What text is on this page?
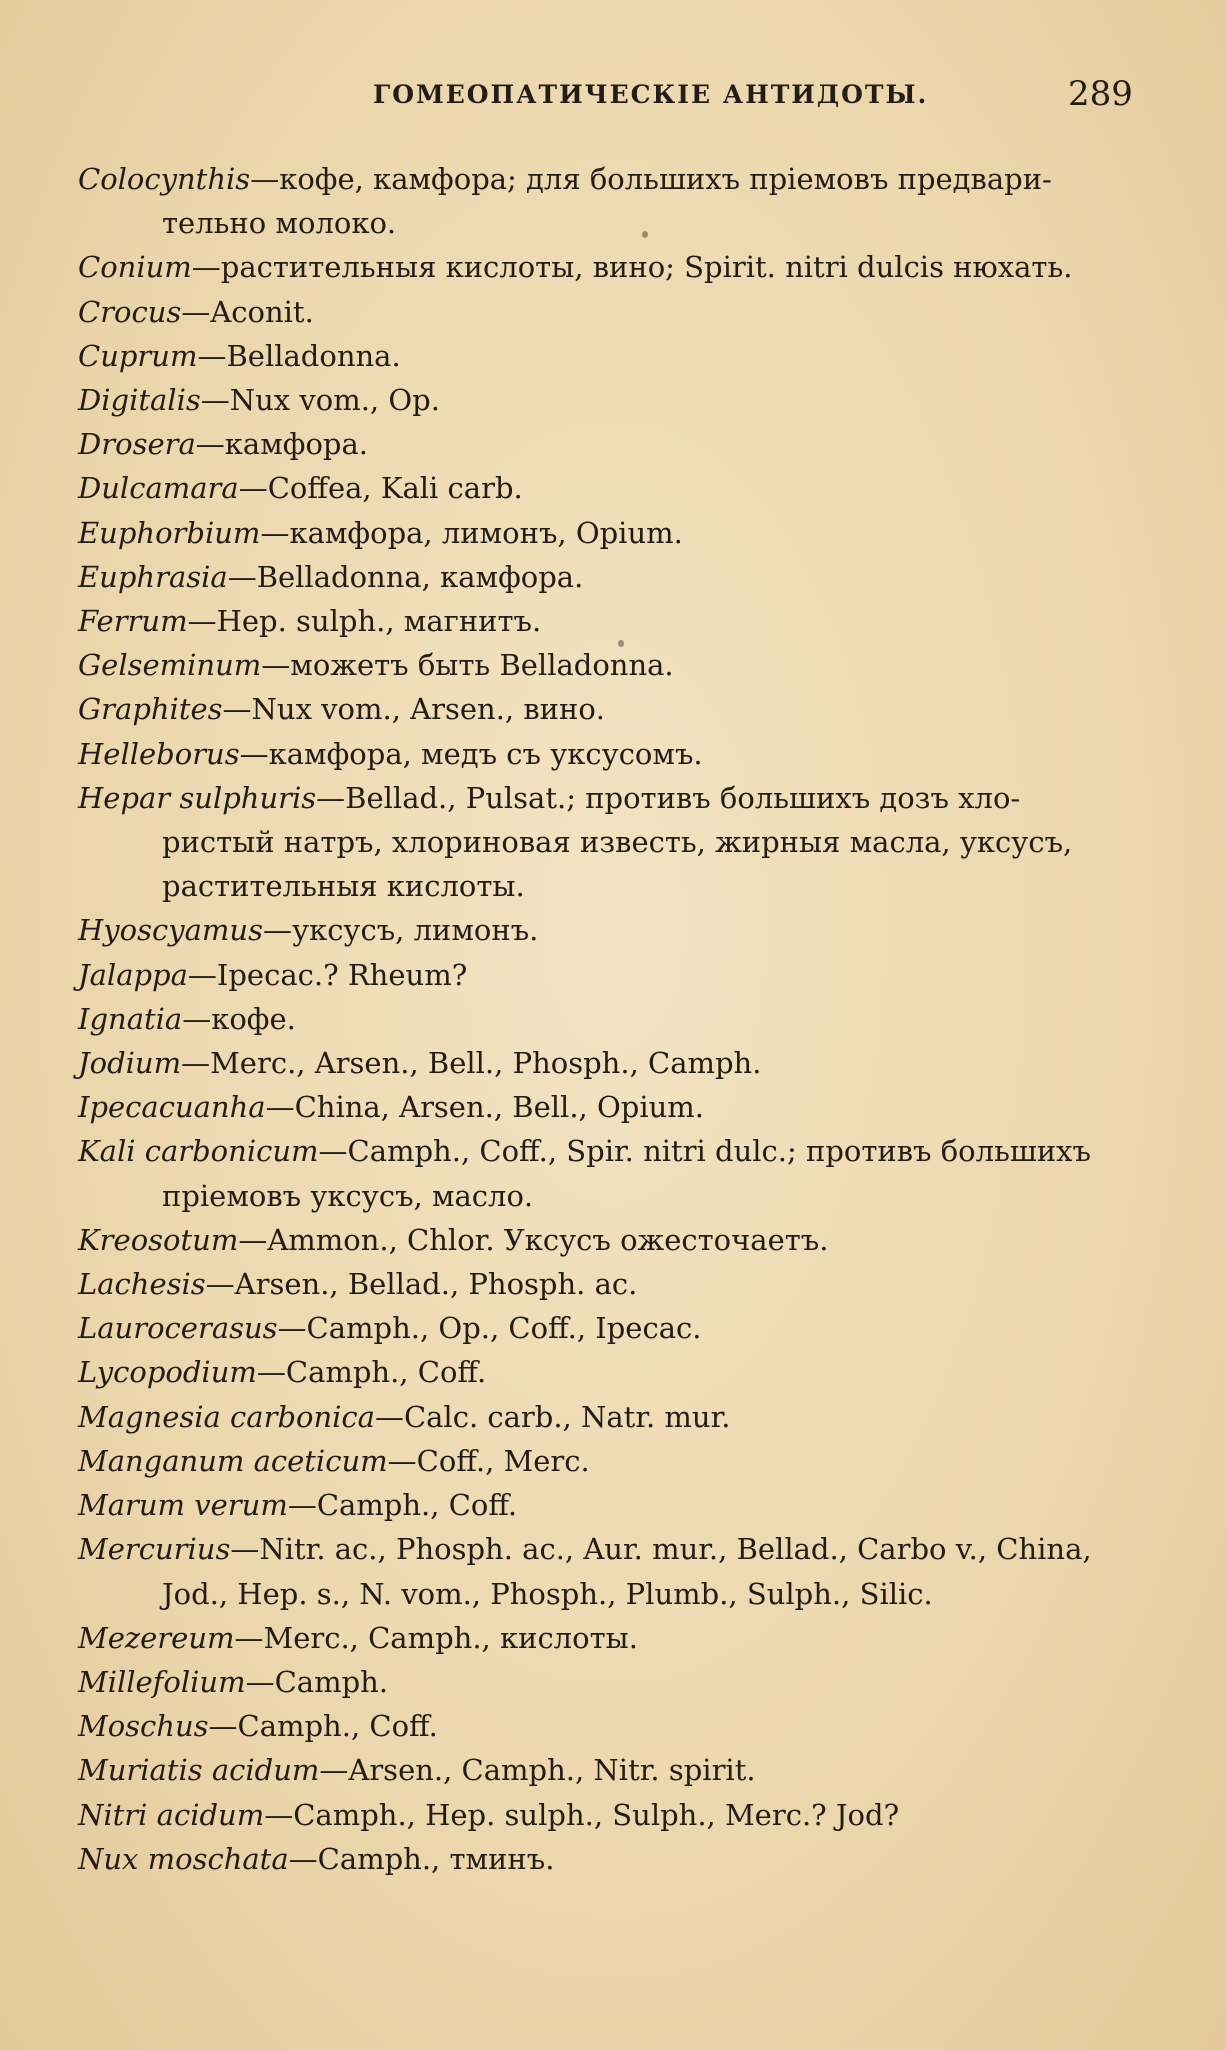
ГОМЕОПАТИЧЕСКІЕ АНТИДОТЫ.	289

Colocynthis—кофе, камфора; для большихъ пріемовъ предвари-
тельно молоко.

Conium—растительныя кислоты, вино; Spirit. nitri dulcis нюхать.

Crocus—Aconit.

Cuprum—Belladonna.

Digitalis—Nux vom., Op.

Drosera—камфора.

Dulcamara—Coffea, Kali carb.

Euphorbium—камфора, лимонъ, Opium.

Euphrasia—Belladonna, камфора.

Ferrum—Hep. sulph., магнитъ.

Gelseminum—можетъ быть Belladonna.

Graphites—Nux vom., Arsen., вино.

Helleborus—камфора, медъ съ уксусомъ.

Hepar sulphuris—Bellad., Pulsat.; противъ большихъ дозъ хло-
ристый натръ, хлориновая известь, жирныя масла, уксусъ,
растительныя кислоты.

Hyoscyamus—уксусъ, лимонъ.

Jalappa—Ipecac.? Rheum?

Ignatia—кофе.

Jodium—Merc., Arsen., Bell., Phosph., Camph.

Ipecacuanha—China, Arsen., Bell., Opium.

Kali carbonicum—Camph., Coff., Spir. nitri dulc.; противъ большихъ
пріемовъ уксусъ, масло.

Kreosotum—Ammon., Chlor. Уксусъ ожесточаетъ.

Lachesis—Arsen., Bellad., Phosph. ac.

Laurocerasus—Camph., Op., Coff., Ipecac.

Lycopodium—Camph., Coff.

Magnesia carbonica—Calc. carb., Natr. mur.

Manganum aceticum—Coff., Merc.

Marum verum—Camph., Coff.

Mercurius—Nitr. ac., Phosph. ac., Aur. mur., Bellad., Carbo v., China,
Jod., Hep. s., N. vom., Phosph., Plumb., Sulph., Silic.

Mezereum—Merc., Camph., кислоты.

Millefolium—Camph.

Moschus—Camph., Coff.

Muriatis acidum—Arsen., Camph., Nitr. spirit.

Nitri acidum—Camph., Hep. sulph., Sulph., Merc.? Jod?

Nux moschata—Camph., тминъ.
